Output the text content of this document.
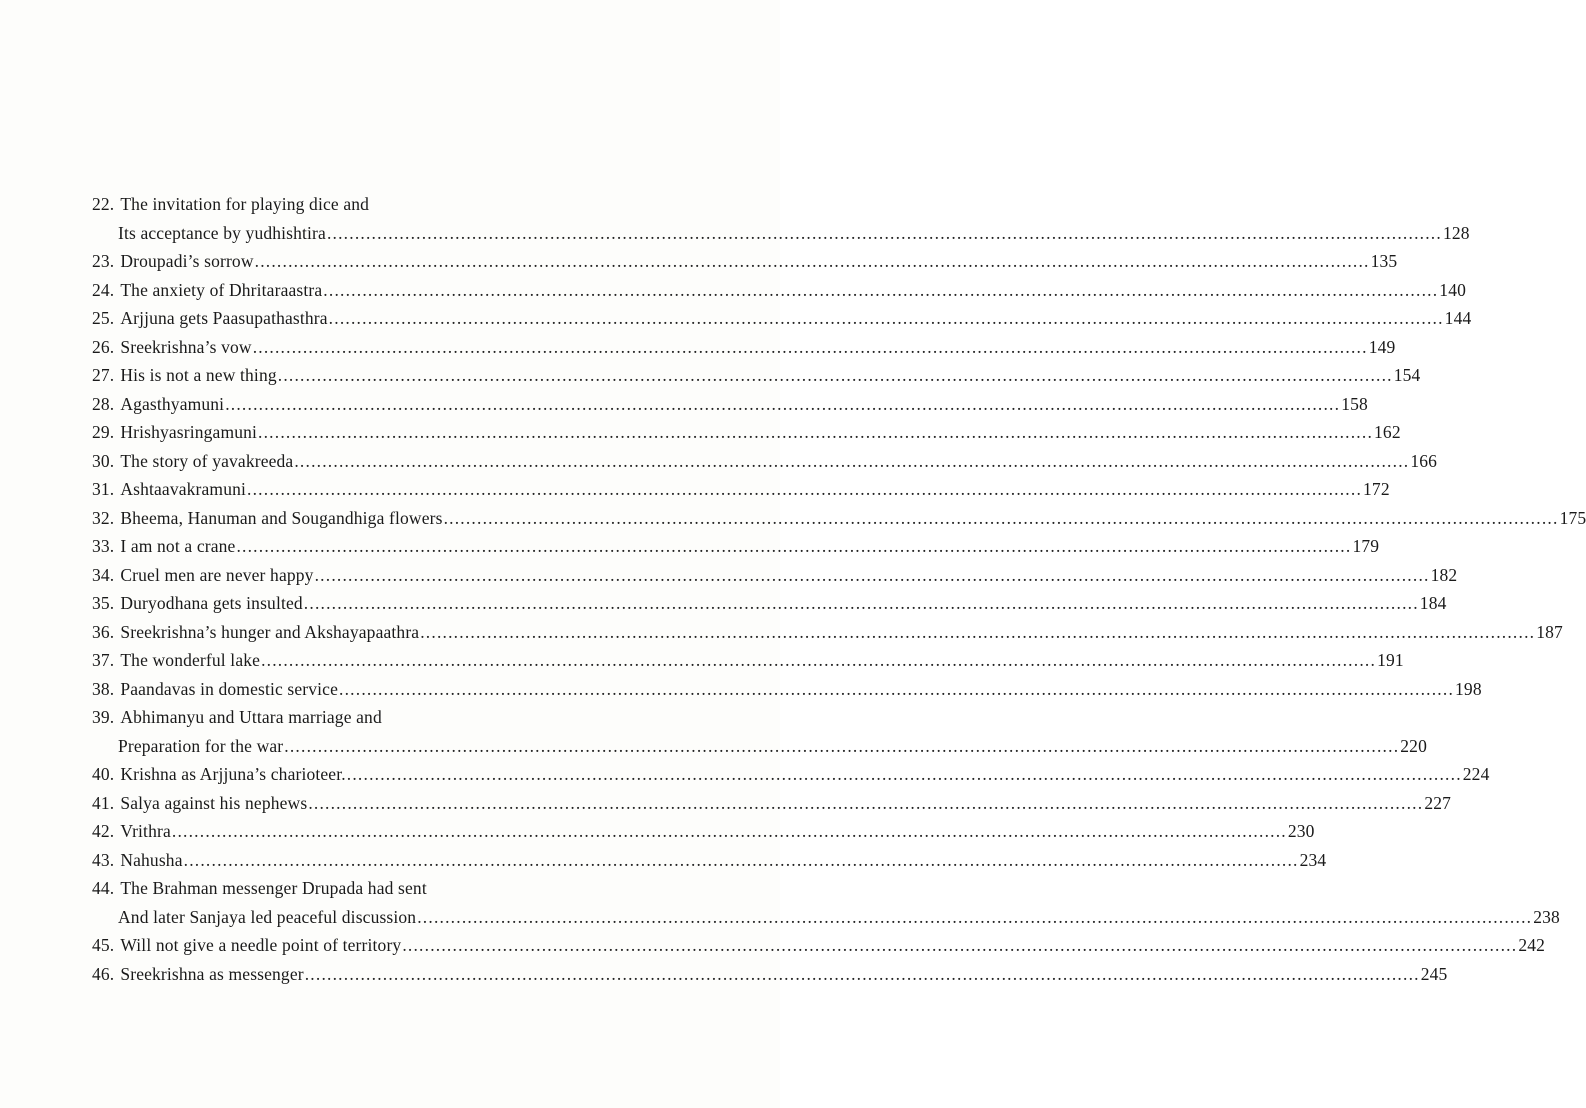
22. The invitation for playing dice and
Its acceptance by yudhishtira ........................................................................................................................................................................................................ 128
23. Droupadi’s sorrow ........................................................................................................................................................................................................ 135
24. The anxiety of Dhritaraastra ........................................................................................................................................................................................................ 140
25. Arjjuna gets Paasupathasthra ........................................................................................................................................................................................................ 144
26. Sreekrishna’s vow ........................................................................................................................................................................................................ 149
27. His is not a new thing ........................................................................................................................................................................................................ 154
28. Agasthyamuni ........................................................................................................................................................................................................ 158
29. Hrishyasringamuni ........................................................................................................................................................................................................ 162
30. The story of yavakreeda ........................................................................................................................................................................................................ 166
31. Ashtaavakramuni ........................................................................................................................................................................................................ 172
32. Bheema, Hanuman and Sougandhiga flowers ........................................................................................................................................................................................................ 175
33. I am not a crane ........................................................................................................................................................................................................ 179
34. Cruel men are never happy ........................................................................................................................................................................................................ 182
35. Duryodhana gets insulted ........................................................................................................................................................................................................ 184
36. Sreekrishna’s hunger and Akshayapaathra ........................................................................................................................................................................................................ 187
37. The wonderful lake ........................................................................................................................................................................................................ 191
38. Paandavas in domestic service ........................................................................................................................................................................................................ 198
39. Abhimanyu and Uttara marriage and
Preparation for the war ........................................................................................................................................................................................................ 220
40. Krishna as Arjjuna’s charioteer. ........................................................................................................................................................................................................ 224
41. Salya against his nephews ........................................................................................................................................................................................................ 227
42. Vrithra ........................................................................................................................................................................................................ 230
43. Nahusha ........................................................................................................................................................................................................ 234
44. The Brahman messenger Drupada had sent
And later Sanjaya led peaceful discussion ........................................................................................................................................................................................................ 238
45. Will not give a needle point of territory ........................................................................................................................................................................................................ 242
46. Sreekrishna as messenger ........................................................................................................................................................................................................ 245
